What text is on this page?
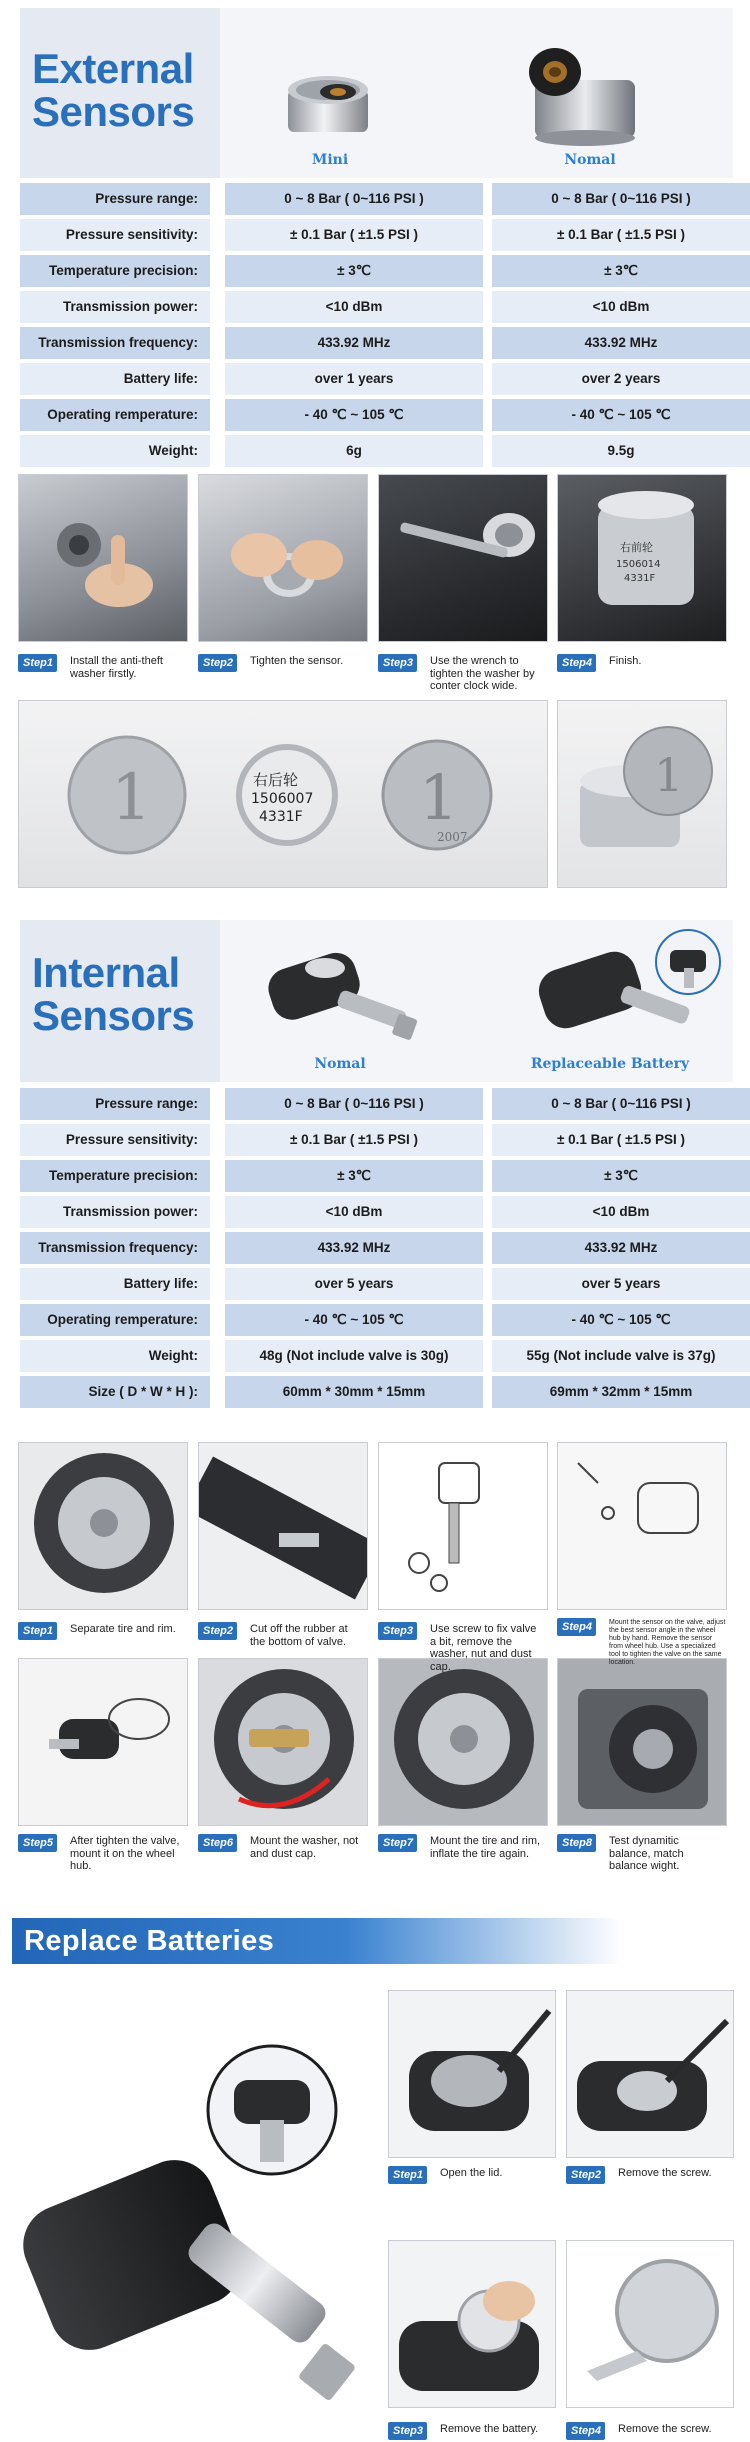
External
Sensors
Mini	Nomal
Pressure range:	0 ~ 8 Bar ( 0~116 PSI )	0 ~ 8 Bar ( 0~116 PSI )
Pressure sensitivity:	± 0.1 Bar ( ±1.5 PSI )	± 0.1 Bar ( ±1.5 PSI )
Temperature precision:	± 3℃	± 3℃
Transmission power:	<10 dBm	<10 dBm
Transmission frequency:	433.92 MHz	433.92 MHz
Battery life:	over 1 years	over 2 years
Operating remperature:	- 40 ℃ ~ 105 ℃	- 40 ℃ ~ 105 ℃
Weight:	6g	9.5g
右前轮
1506014
4331F
Step1	Install the anti-theft washer firstly.
Step2	Tighten the sensor.	Step3	Use the wrench to tighten the washer by conter clock wide.
Step4	Finish.
1	右后轮
1506007
4331F 1
2007
1
Internal
Sensors
Nomal	Replaceable Battery
Pressure range:	0 ~ 8 Bar ( 0~116 PSI )	0 ~ 8 Bar ( 0~116 PSI )
Pressure sensitivity:	± 0.1 Bar ( ±1.5 PSI )	± 0.1 Bar ( ±1.5 PSI )
Temperature precision:	± 3℃	± 3℃
Transmission power:	<10 dBm	<10 dBm
Transmission frequency:	433.92 MHz	433.92 MHz
Battery life:	over 5 years	over 5 years
Operating remperature:	- 40 ℃ ~ 105 ℃	- 40 ℃ ~ 105 ℃
Weight:	48g (Not include valve is 30g)	55g (Not include valve is 37g)
Size ( D * W * H ):	60mm * 30mm * 15mm	69mm * 32mm * 15mm
Step1	Separate tire and rim.	Step2	Cut off the rubber at the bottom of valve.
Step3	Use screw to fix valve a bit, remove the washer, nut and dust cap.
Step4	Mount the sensor on the valve, adjust the best sensor angle in the wheel hub by hand. Remove the sensor from wheel hub. Use a specialized tool to tighten the valve on the same location.
Step5	After tighten the valve, mount it on the wheel hub.
Step6	Mount the washer, not and dust cap.
Step7	Mount the tire and rim, inflate the tire again.
Step8	Test dynamitic balance, match balance wight.
Replace Batteries
Step1	Open the lid.	Step2	Remove the screw.
Step3	Remove the battery.	Step4	Remove the screw.
